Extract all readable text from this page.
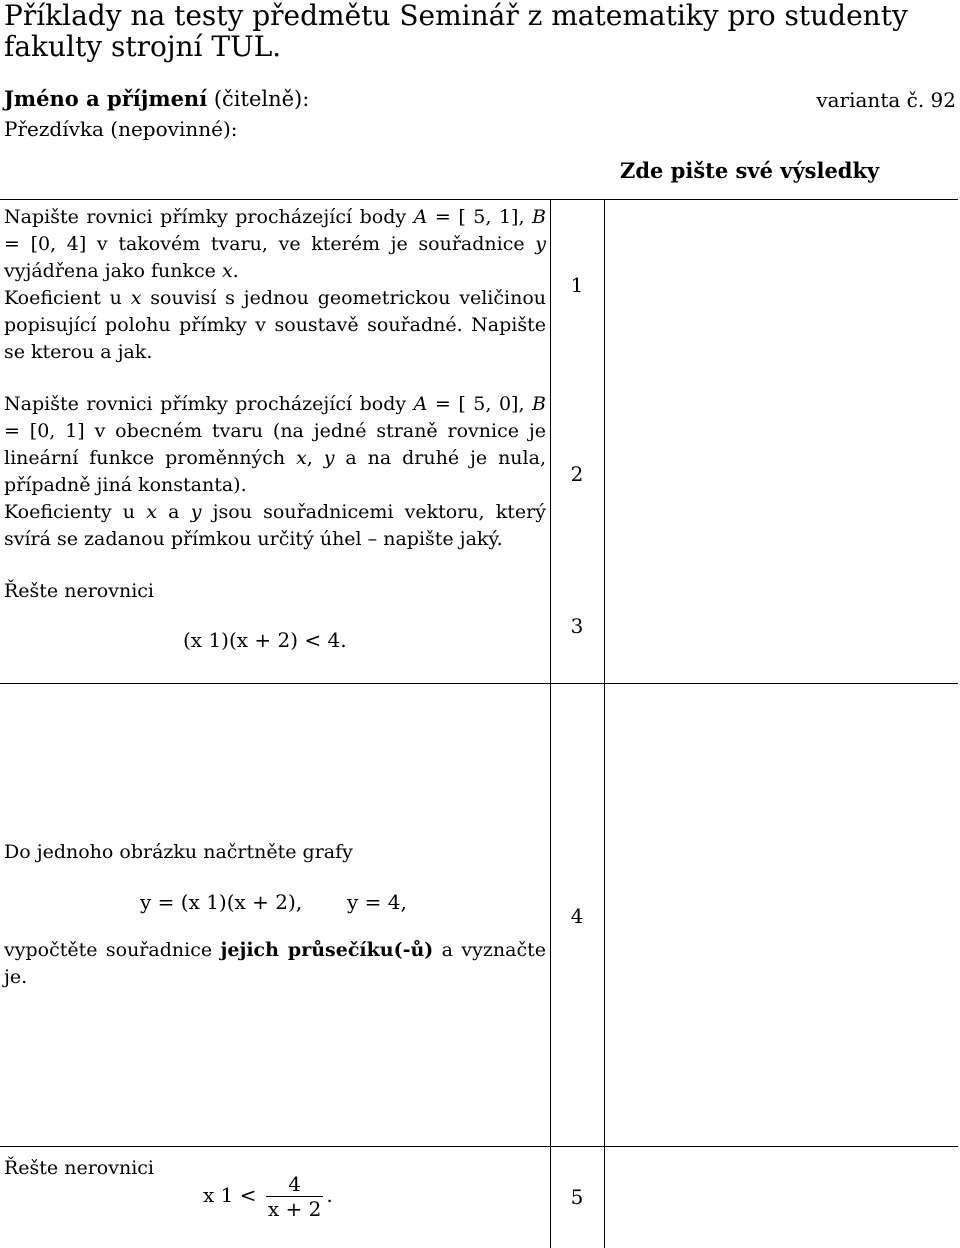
Příklady na testy předmětu Seminář z matematiky pro studenty fakulty strojní TUL.
Jméno a příjmení (čitelně):	varianta č. 92
Přezdívka (nepovinné):
Zde pište své výsledky
Napište rovnici přímky procházející body A = [ 5, 1], B = [0, 4] v takovém tvaru, ve kterém je souřadnice y vyjádřena jako funkce x.
Koeficient u x souvisí s jednou geometrickou veličinou popisující polohu přímky v soustavě souřadné. Napište se kterou a jak.
1
Napište rovnici přímky procházející body A = [ 5, 0], B = [0, 1] v obecném tvaru (na jedné straně rovnice je lineární funkce proměnných x, y a na druhé je nula, případně jiná konstanta).
Koeficienty u x a y jsou souřadnicemi vektoru, který svírá se zadanou přímkou určitý úhel – napište jaký.
2
Řešte nerovnici
(x 1)(x + 2) < 4.
3
Do jednoho obrázku načrtněte grafy
y = (x 1)(x + 2), y = 4,
vypočtěte souřadnice jejich průsečíku(-ů) a vyznačte je.
4
Řešte nerovnici
x $1 < \frac{4}{x + 2}$ .	5
